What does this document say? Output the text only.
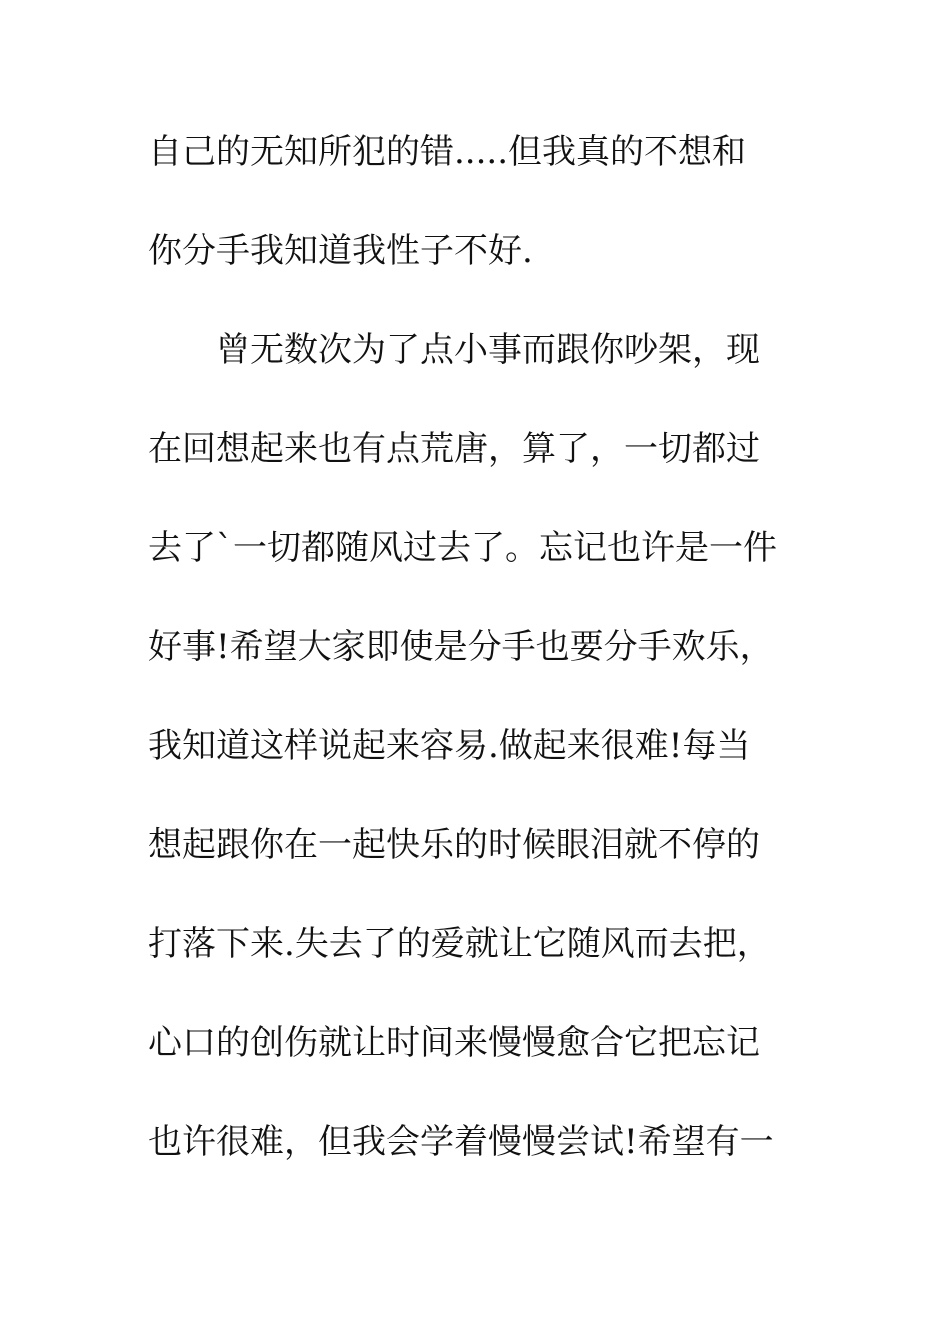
自己的无知所犯的错.....但我真的不想和
你分手我知道我性子不好.
　　曾无数次为了点小事而跟你吵架，现
在回想起来也有点荒唐，算了，一切都过
去了`一切都随风过去了。忘记也许是一件
好事!希望大家即使是分手也要分手欢乐，
我知道这样说起来容易.做起来很难!每当
想起跟你在一起快乐的时候眼泪就不停的
打落下来.失去了的爱就让它随风而去把，
心口的创伤就让时间来慢慢愈合它把忘记
也许很难，但我会学着慢慢尝试!希望有一
